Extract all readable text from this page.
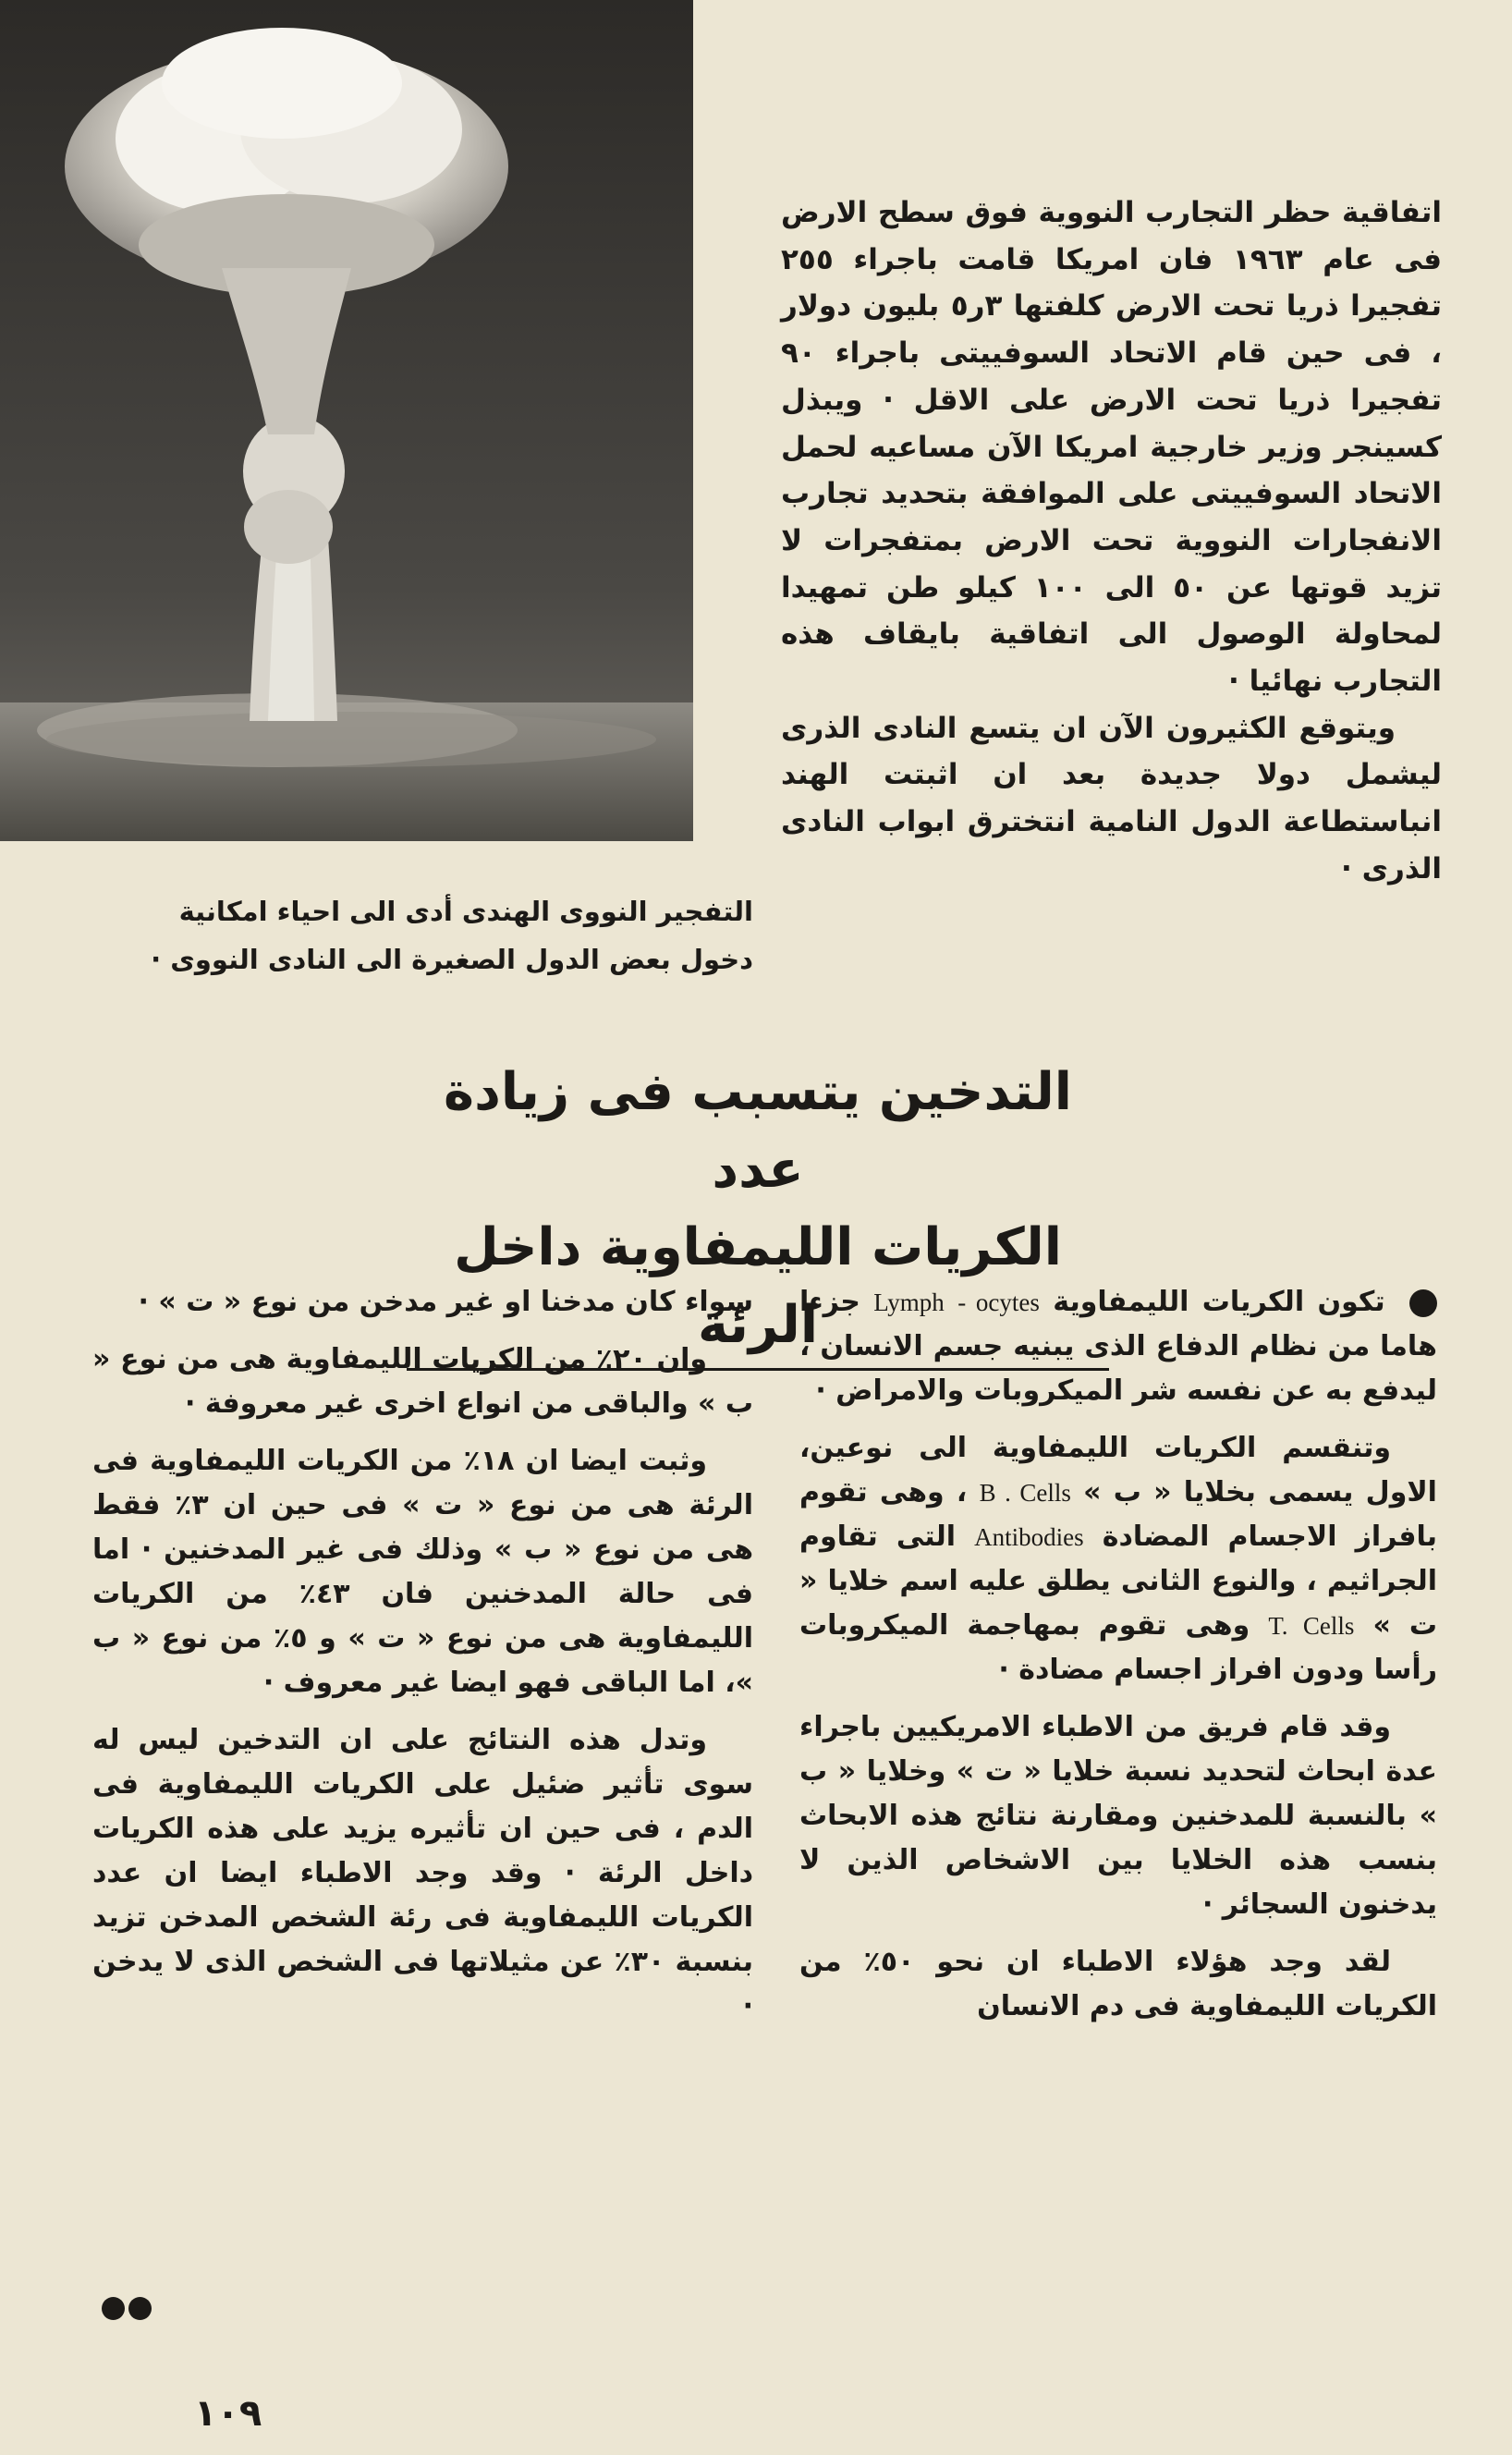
اتفاقية حظر التجارب النووية فوق سطح الارض فى عام ١٩٦٣ فان امريكا قامت باجراء ٢٥٥ تفجيرا ذريا تحت الارض كلفتها ٣ر٥ بليون دولار ، فى حين قام الاتحاد السوفييتى باجراء ٩٠ تفجيرا ذريا تحت الارض على الاقل · ويبذل كسينجر وزير خارجية امريكا الآن مساعيه لحمل الاتحاد السوفييتى على الموافقة بتحديد تجارب الانفجارات النووية تحت الارض بمتفجرات لا تزيد قوتها عن ٥٠ الى ١٠٠ كيلو طن تمهيدا لمحاولة الوصول الى اتفاقية بايقاف هذه التجارب نهائيا ·

ويتوقع الكثيرون الآن ان يتسع النادى الذرى ليشمل دولا جديدة بعد ان اثبتت الهند انباستطاعة الدول النامية انتخترق ابواب النادى الذرى ·

التفجير النووى الهندى أدى الى احياء امكانية

دخول بعض الدول الصغيرة الى النادى النووى ·

التدخين يتسبب فى زيادة عدد

الكريات الليمفاوية داخل الرئة	تكون الكريات الليمفاوية Lymph - ocytes جزءا هاما من نظام الدفاع الذى يبنيه جسم الانسان ، ليدفع به عن نفسه شر الميكروبات والامراض ·

وتنقسم الكريات الليمفاوية الى نوعين، الاول يسمى بخلايا « ب » B . Cells ، وهى تقوم بافراز الاجسام المضادة Antibodies التى تقاوم الجراثيم ، والنوع الثانى يطلق عليه اسم خلايا « ت » T. Cells وهى تقوم بمهاجمة الميكروبات رأسا ودون افراز اجسام مضادة ·

وقد قام فريق من الاطباء الامريكيين باجراء عدة ابحاث لتحديد نسبة خلايا « ت » وخلايا « ب » بالنسبة للمدخنين ومقارنة نتائج هذه الابحاث بنسب هذه الخلايا بين الاشخاص الذين لا يدخنون السجائر ·

لقد وجد هؤلاء الاطباء ان نحو ٥٠٪ من الكريات الليمفاوية فى دم الانسان

سواء كان مدخنا او غير مدخن من نوع « ت » ·

وان ٢٠٪ من الكريات الليمفاوية هى من نوع « ب » والباقى من انواع اخرى غير معروفة ·

وثبت ايضا ان ١٨٪ من الكريات الليمفاوية فى الرئة هى من نوع « ت » فى حين ان ٣٪ فقط هى من نوع « ب » وذلك فى غير المدخنين · اما فى حالة المدخنين فان ٤٣٪ من الكريات الليمفاوية هى من نوع « ت » و ٥٪ من نوع « ب »، اما الباقى فهو ايضا غير معروف ·

وتدل هذه النتائج على ان التدخين ليس له سوى تأثير ضئيل على الكريات الليمفاوية فى الدم ، فى حين ان تأثيره يزيد على هذه الكريات داخل الرئة · وقد وجد الاطباء ايضا ان عدد الكريات الليمفاوية فى رئة الشخص المدخن تزيد بنسبة ٣٠٪ عن مثيلاتها فى الشخص الذى لا يدخن ·

١٠٩
